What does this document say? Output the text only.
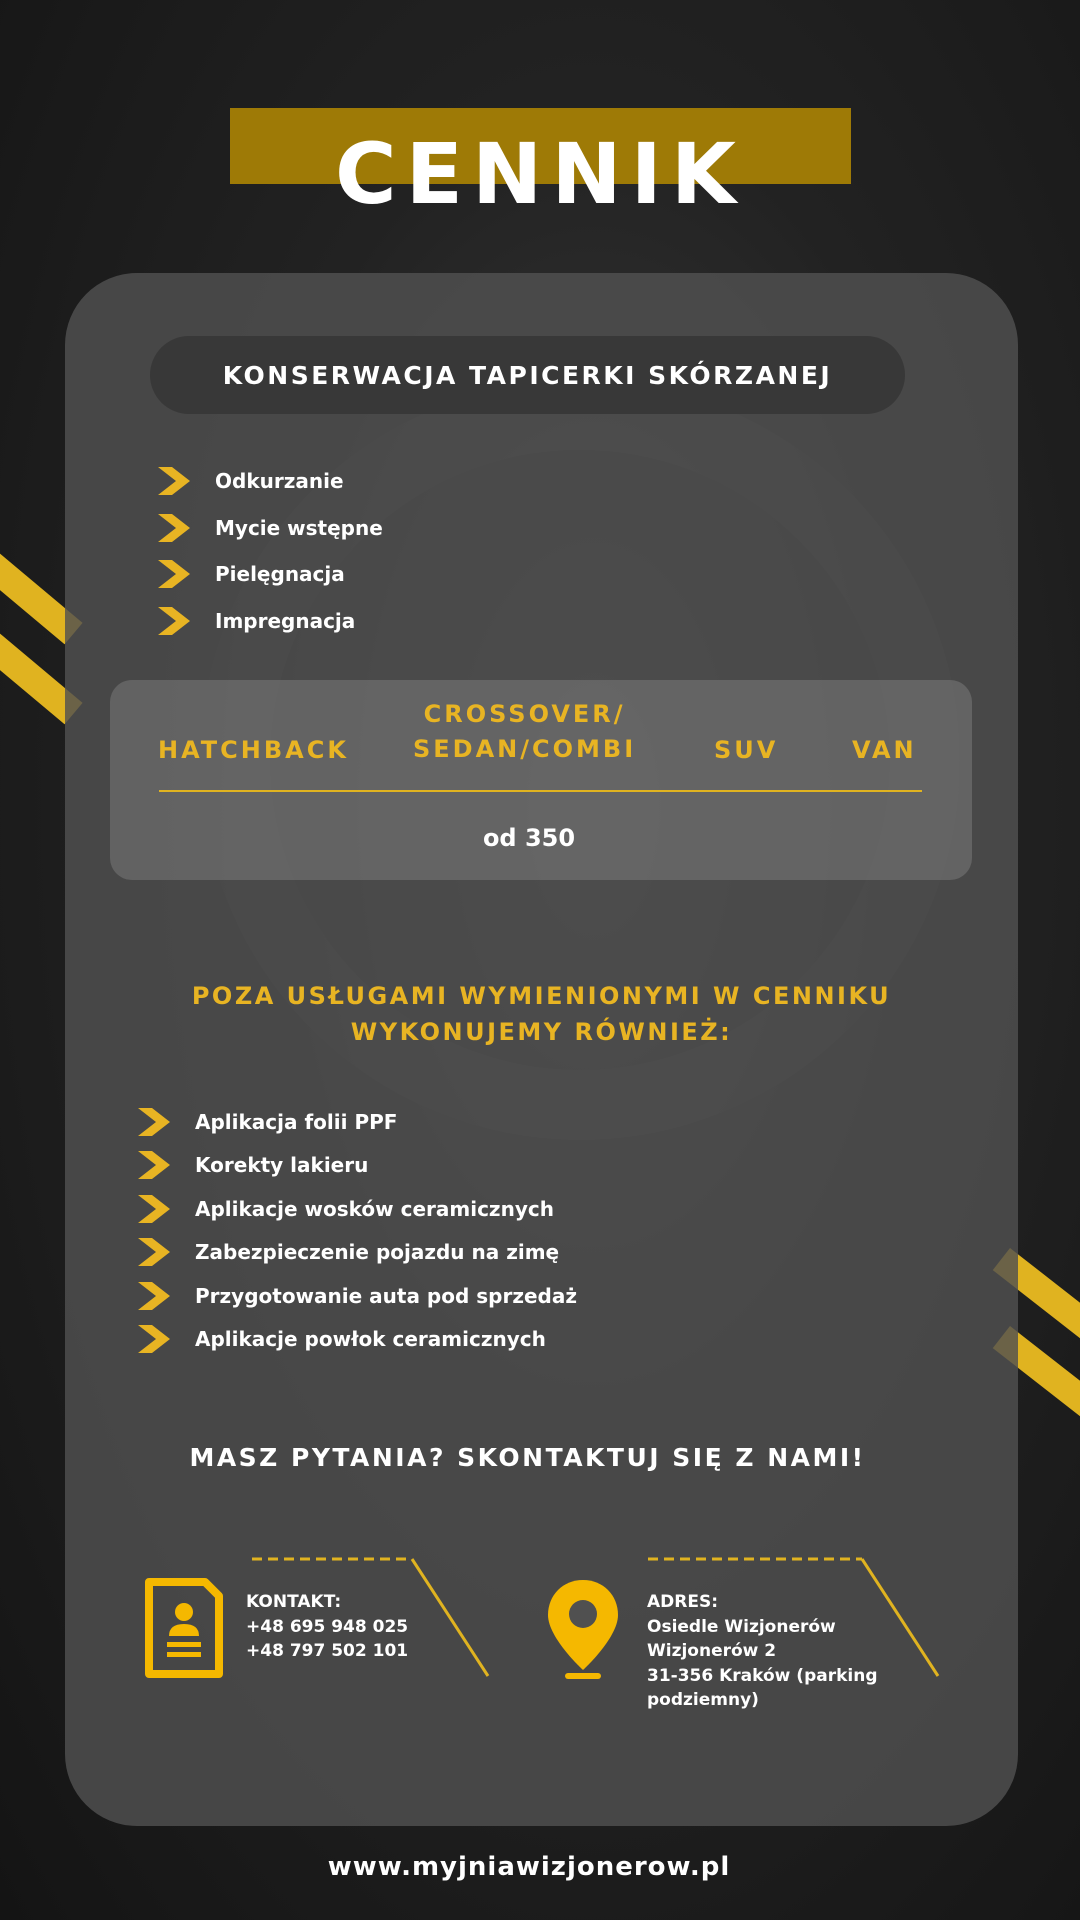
CENNIK
KONSERWACJA TAPICERKI SKÓRZANEJ
Odkurzanie
Mycie wstępne
Pielęgnacja
Impregnacja
HATCHBACK
CROSSOVER/
SEDAN/COMBI	SUV	VAN
od 350
POZA USŁUGAMI WYMIENIONYMI W CENNIKU
WYKONUJEMY RÓWNIEŻ:
Aplikacja folii PPF
Korekty lakieru
Aplikacje wosków ceramicznych
Zabezpieczenie pojazdu na zimę
Przygotowanie auta pod sprzedaż
Aplikacje powłok ceramicznych
MASZ PYTANIA? SKONTAKTUJ SIĘ Z NAMI!
KONTAKT:
+48 695 948 025
+48 797 502 101
ADRES:
Osiedle Wizjonerów
Wizjonerów 2
31-356 Kraków (parking
podziemny)
www.myjniawizjonerow.pl
